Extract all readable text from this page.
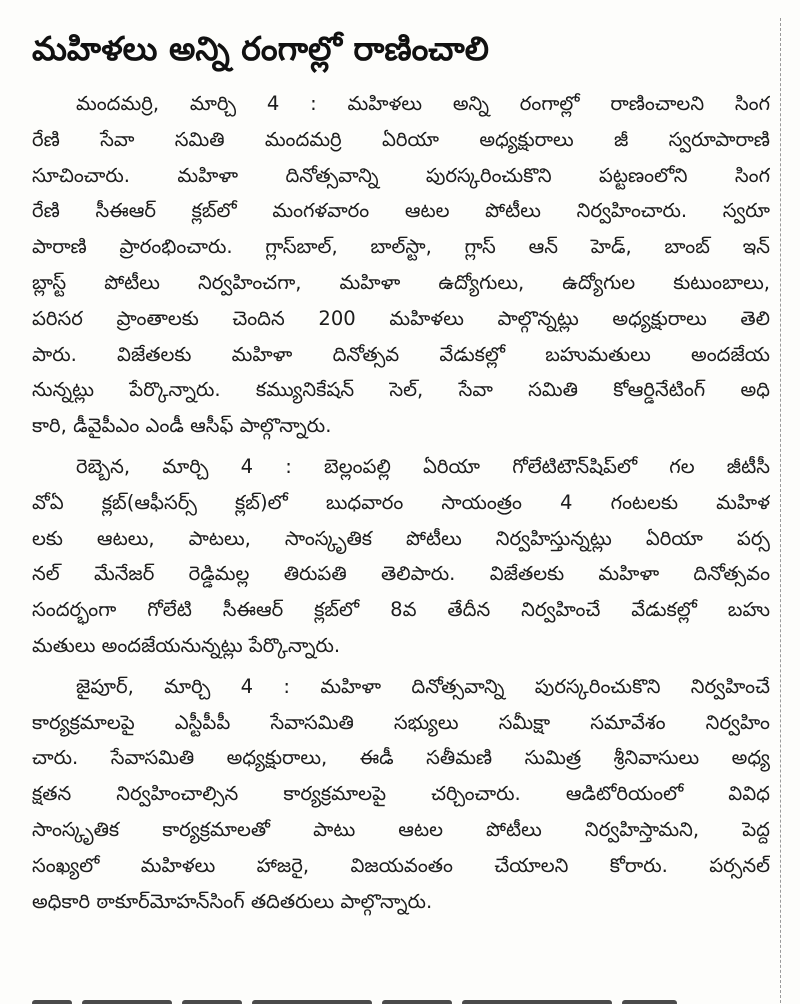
మహిళలు అన్ని రంగాల్లో రాణించాలి
మందమర్రి, మార్చి 4 : మహిళలు అన్ని రంగాల్లో రాణించాలని సింగ
రేణి సేవా సమితి మందమర్రి ఏరియా అధ్యక్షురాలు జీ స్వరూపారాణి
సూచించారు. మహిళా దినోత్సవాన్ని పురస్కరించుకొని పట్టణంలోని సింగ
రేణి సీఈఆర్ క్లబ్‌లో మంగళవారం ఆటల పోటీలు నిర్వహించారు. స్వరూ
పారాణి ప్రారంభించారు. గ్లాస్‌బాల్, బాల్‌స్టా, గ్లాస్ ఆన్ హెడ్, బాంబ్ ఇన్
బ్లాస్ట్ పోటీలు నిర్వహించగా, మహిళా ఉద్యోగులు, ఉద్యోగుల కుటుంబాలు,
పరిసర ప్రాంతాలకు చెందిన 200 మహిళలు పాల్గొన్నట్లు అధ్యక్షురాలు తెలి
పారు. విజేతలకు మహిళా దినోత్సవ వేడుకల్లో బహుమతులు అందజేయ
నున్నట్లు పేర్కొన్నారు. కమ్యునికేషన్ సెల్, సేవా సమితి కోఆర్డినేటింగ్ అధి
కారి, డీవైపీఎం ఎండీ ఆసీఫ్ పాల్గొన్నారు.
రెబ్బెన, మార్చి 4 : బెల్లంపల్లి ఏరియా గోలేటిటౌన్‌షిప్‌లో గల జీటీసీ
వోఏ క్లబ్(ఆఫీసర్స్ క్లబ్)లో బుధవారం సాయంత్రం 4 గంటలకు మహిళ
లకు ఆటలు, పాటలు, సాంస్కృతిక పోటీలు నిర్వహిస్తున్నట్లు ఏరియా పర్స
నల్ మేనేజర్ రెడ్డిమల్ల తిరుపతి తెలిపారు. విజేతలకు మహిళా దినోత్సవం
సందర్భంగా గోలేటి సీఈఆర్ క్లబ్‌లో 8వ తేదీన నిర్వహించే వేడుకల్లో బహు
మతులు అందజేయనున్నట్లు పేర్కొన్నారు.
జైపూర్, మార్చి 4 : మహిళా దినోత్సవాన్ని పురస్కరించుకొని నిర్వహించే
కార్యక్రమాలపై ఎస్టీపీపీ సేవాసమితి సభ్యులు సమీక్షా సమావేశం నిర్వహిం
చారు. సేవాసమితి అధ్యక్షురాలు, ఈడీ సతీమణి సుమిత్ర శ్రీనివాసులు అధ్య
క్షతన నిర్వహించాల్సిన కార్యక్రమాలపై చర్చించారు. ఆడిటోరియంలో వివిధ
సాంస్కృతిక కార్యక్రమాలతో పాటు ఆటల పోటీలు నిర్వహిస్తామని, పెద్ద
సంఖ్యలో మహిళలు హాజరై, విజయవంతం చేయాలని కోరారు. పర్సనల్
అధికారి ఠాకూర్‌మోహన్‌సింగ్ తదితరులు పాల్గొన్నారు.
